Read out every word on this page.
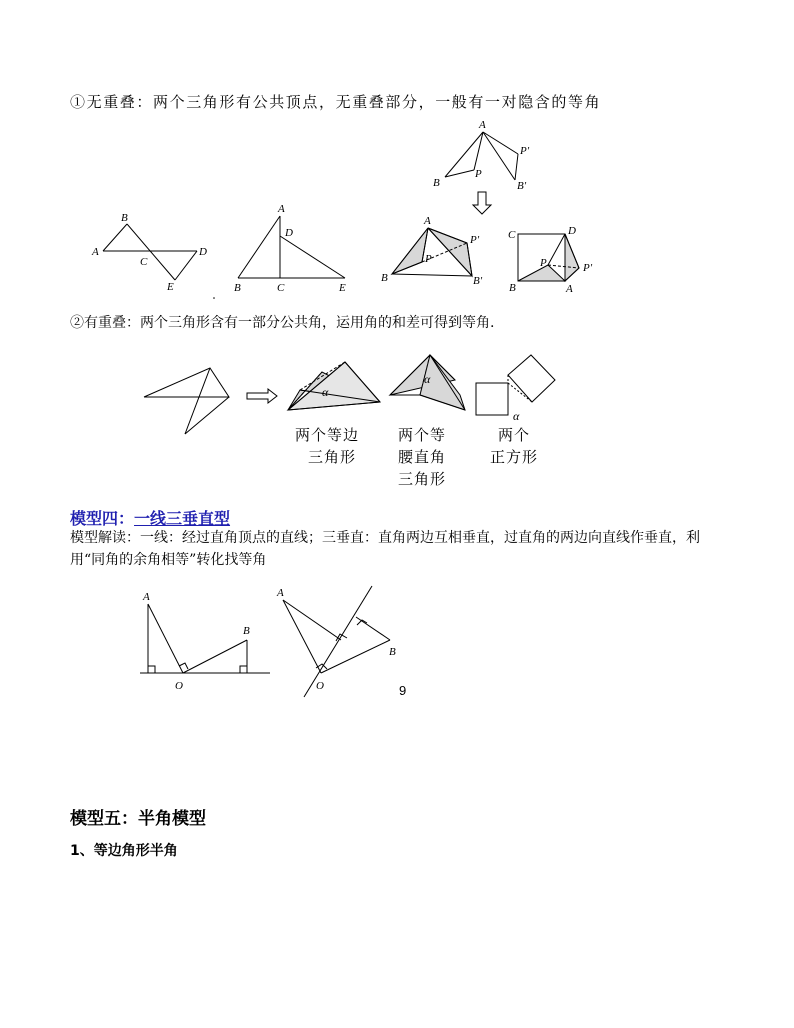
①无重叠：两个三角形有公共顶点，无重叠部分，一般有一对隐含的等角
A
B
C
D
E
A
D
B	C	E
A
P
B
P′
B′
A
P
B
P′
B′
C	D
P	P′
B	A
②有重叠：两个三角形含有一部分公共角，运用角的和差可得到等角.
α
α
α
两个等边
三角形
两个等
腰直角
三角形
两个
正方形
模型四：一线三垂直型
模型解读：一线：经过直角顶点的直线；三垂直：直角两边互相垂直，过直角的两边向直线作垂直，利用“同角的余角相等”转化找等角
A
B
O
A
B
O	9
模型五：半角模型
1、等边角形半角
